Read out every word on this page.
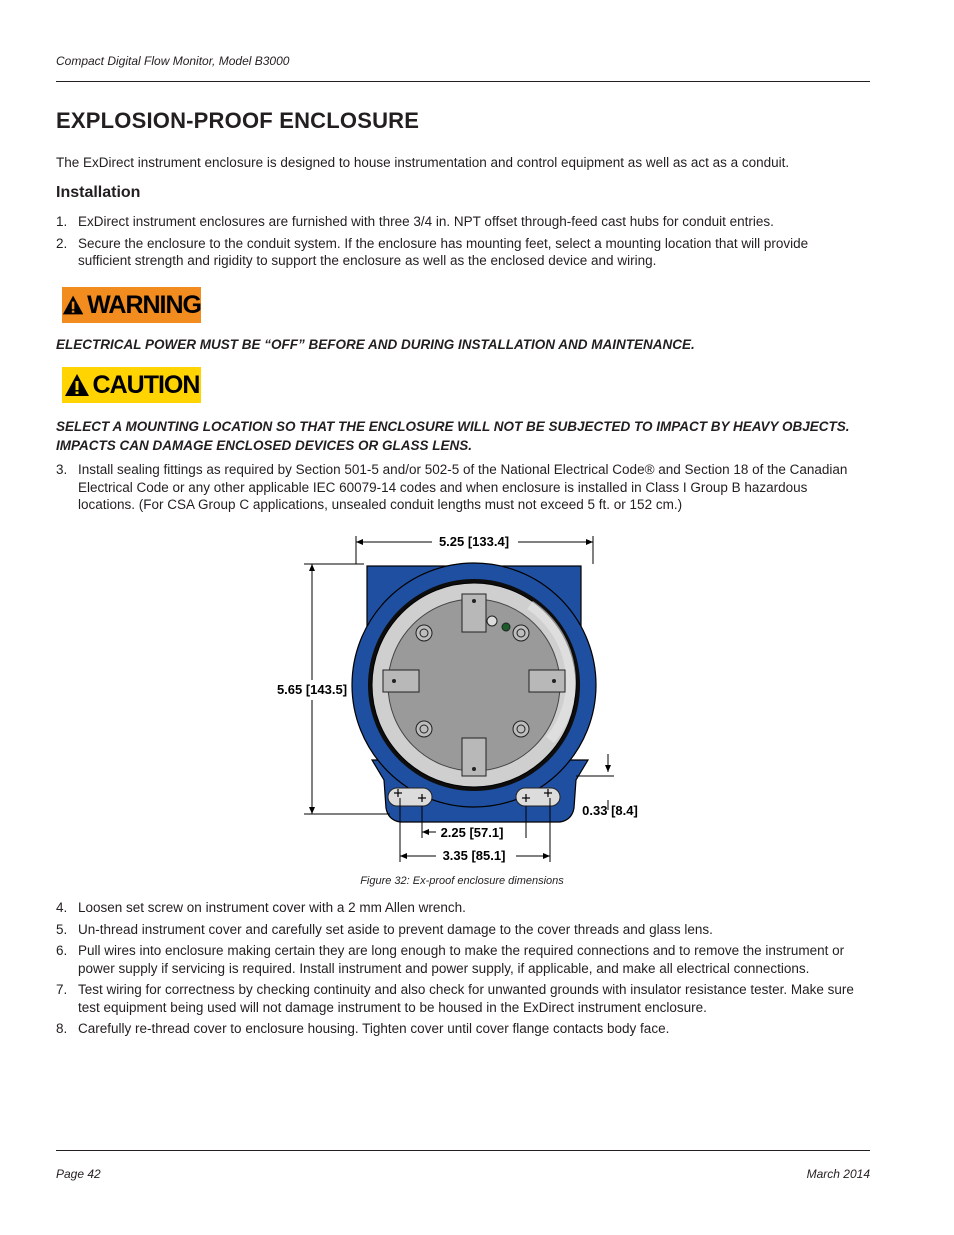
Compact Digital Flow Monitor, Model B3000
EXPLOSION-PROOF ENCLOSURE
The ExDirect instrument enclosure is designed to house instrumentation and control equipment as well as act as a conduit.
Installation
1. ExDirect instrument enclosures are furnished with three 3/4 in. NPT offset through-feed cast hubs for conduit entries.
2. Secure the enclosure to the conduit system. If the enclosure has mounting feet, select a mounting location that will provide sufficient strength and rigidity to support the enclosure as well as the enclosed device and wiring.
WARNING
ELECTRICAL POWER MUST BE “OFF” BEFORE AND DURING INSTALLATION AND MAINTENANCE.
CAUTION
SELECT A MOUNTING LOCATION SO THAT THE ENCLOSURE WILL NOT BE SUBJECTED TO IMPACT BY HEAVY OBJECTS.
IMPACTS CAN DAMAGE ENCLOSED DEVICES OR GLASS LENS.
3. Install sealing fittings as required by Section 501-5 and/or 502-5 of the National Electrical Code® and Section 18 of the Canadian Electrical Code or any other applicable IEC 60079-14 codes and when enclosure is installed in Class I Group B hazardous locations. (For CSA Group C applications, unsealed conduit lengths must not exceed 5 ft. or 152 cm.)
5.25 [133.4]
5.65 [143.5]
0.33 [8.4]
2.25 [57.1]
3.35 [85.1]
Figure 32: Ex-proof enclosure dimensions
4. Loosen set screw on instrument cover with a 2 mm Allen wrench.
5. Un-thread instrument cover and carefully set aside to prevent damage to the cover threads and glass lens.
6. Pull wires into enclosure making certain they are long enough to make the required connections and to remove the instrument or power supply if servicing is required. Install instrument and power supply, if applicable, and make all electrical connections.
7. Test wiring for correctness by checking continuity and also check for unwanted grounds with insulator resistance tester. Make sure test equipment being used will not damage instrument to be housed in the ExDirect instrument enclosure.
8. Carefully re-thread cover to enclosure housing. Tighten cover until cover flange contacts body face.
Page 42	March 2014
